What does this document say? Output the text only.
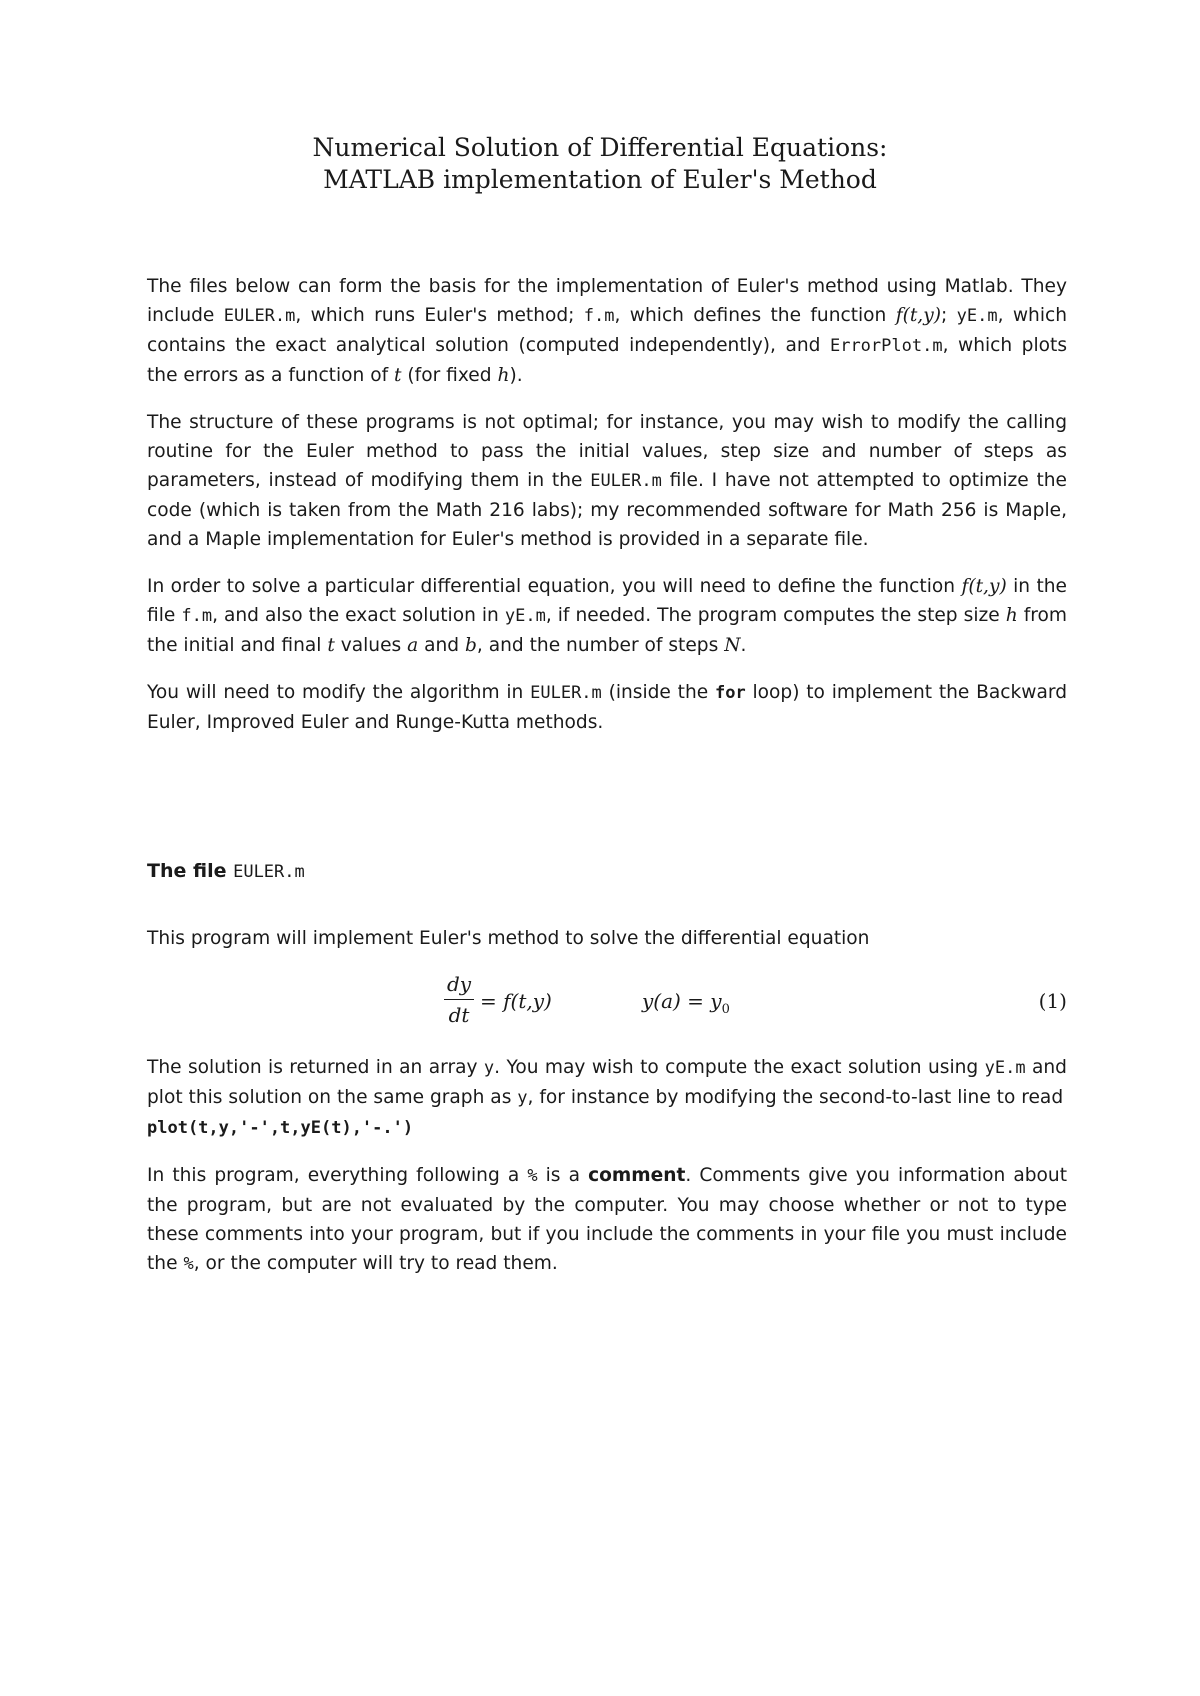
Numerical Solution of Differential Equations:
MATLAB implementation of Euler's Method

The files below can form the basis for the implementation of Euler's method using Matlab. They include EULER.m, which runs Euler's method; f.m, which defines the function f(t,y); yE.m, which contains the exact analytical solution (computed independently), and ErrorPlot.m, which plots the errors as a function of t (for fixed h).

The structure of these programs is not optimal; for instance, you may wish to modify the calling routine for the Euler method to pass the initial values, step size and number of steps as parameters, instead of modifying them in the EULER.m file. I have not attempted to optimize the code (which is taken from the Math 216 labs); my recommended software for Math 256 is Maple, and a Maple implementation for Euler's method is provided in a separate file.

In order to solve a particular differential equation, you will need to define the function f(t,y) in the file f.m, and also the exact solution in yE.m, if needed. The program computes the step size h from the initial and final t values a and b, and the number of steps N.

You will need to modify the algorithm in EULER.m (inside the for loop) to implement the Backward Euler, Improved Euler and Runge-Kutta methods.

The file EULER.m

This program will implement Euler's method to solve the differential equation

dy
dt
= f(t,y)	$y(a) = y_0$	(1)

The solution is returned in an array y. You may wish to compute the exact solution using yE.m and plot this solution on the same graph as y, for instance by modifying the second-to-last line to read
plot(t,y,'-',t,yE(t),'-.')

In this program, everything following a % is a comment. Comments give you information about the program, but are not evaluated by the computer. You may choose whether or not to type these comments into your program, but if you include the comments in your file you must include the %, or the computer will try to read them.
